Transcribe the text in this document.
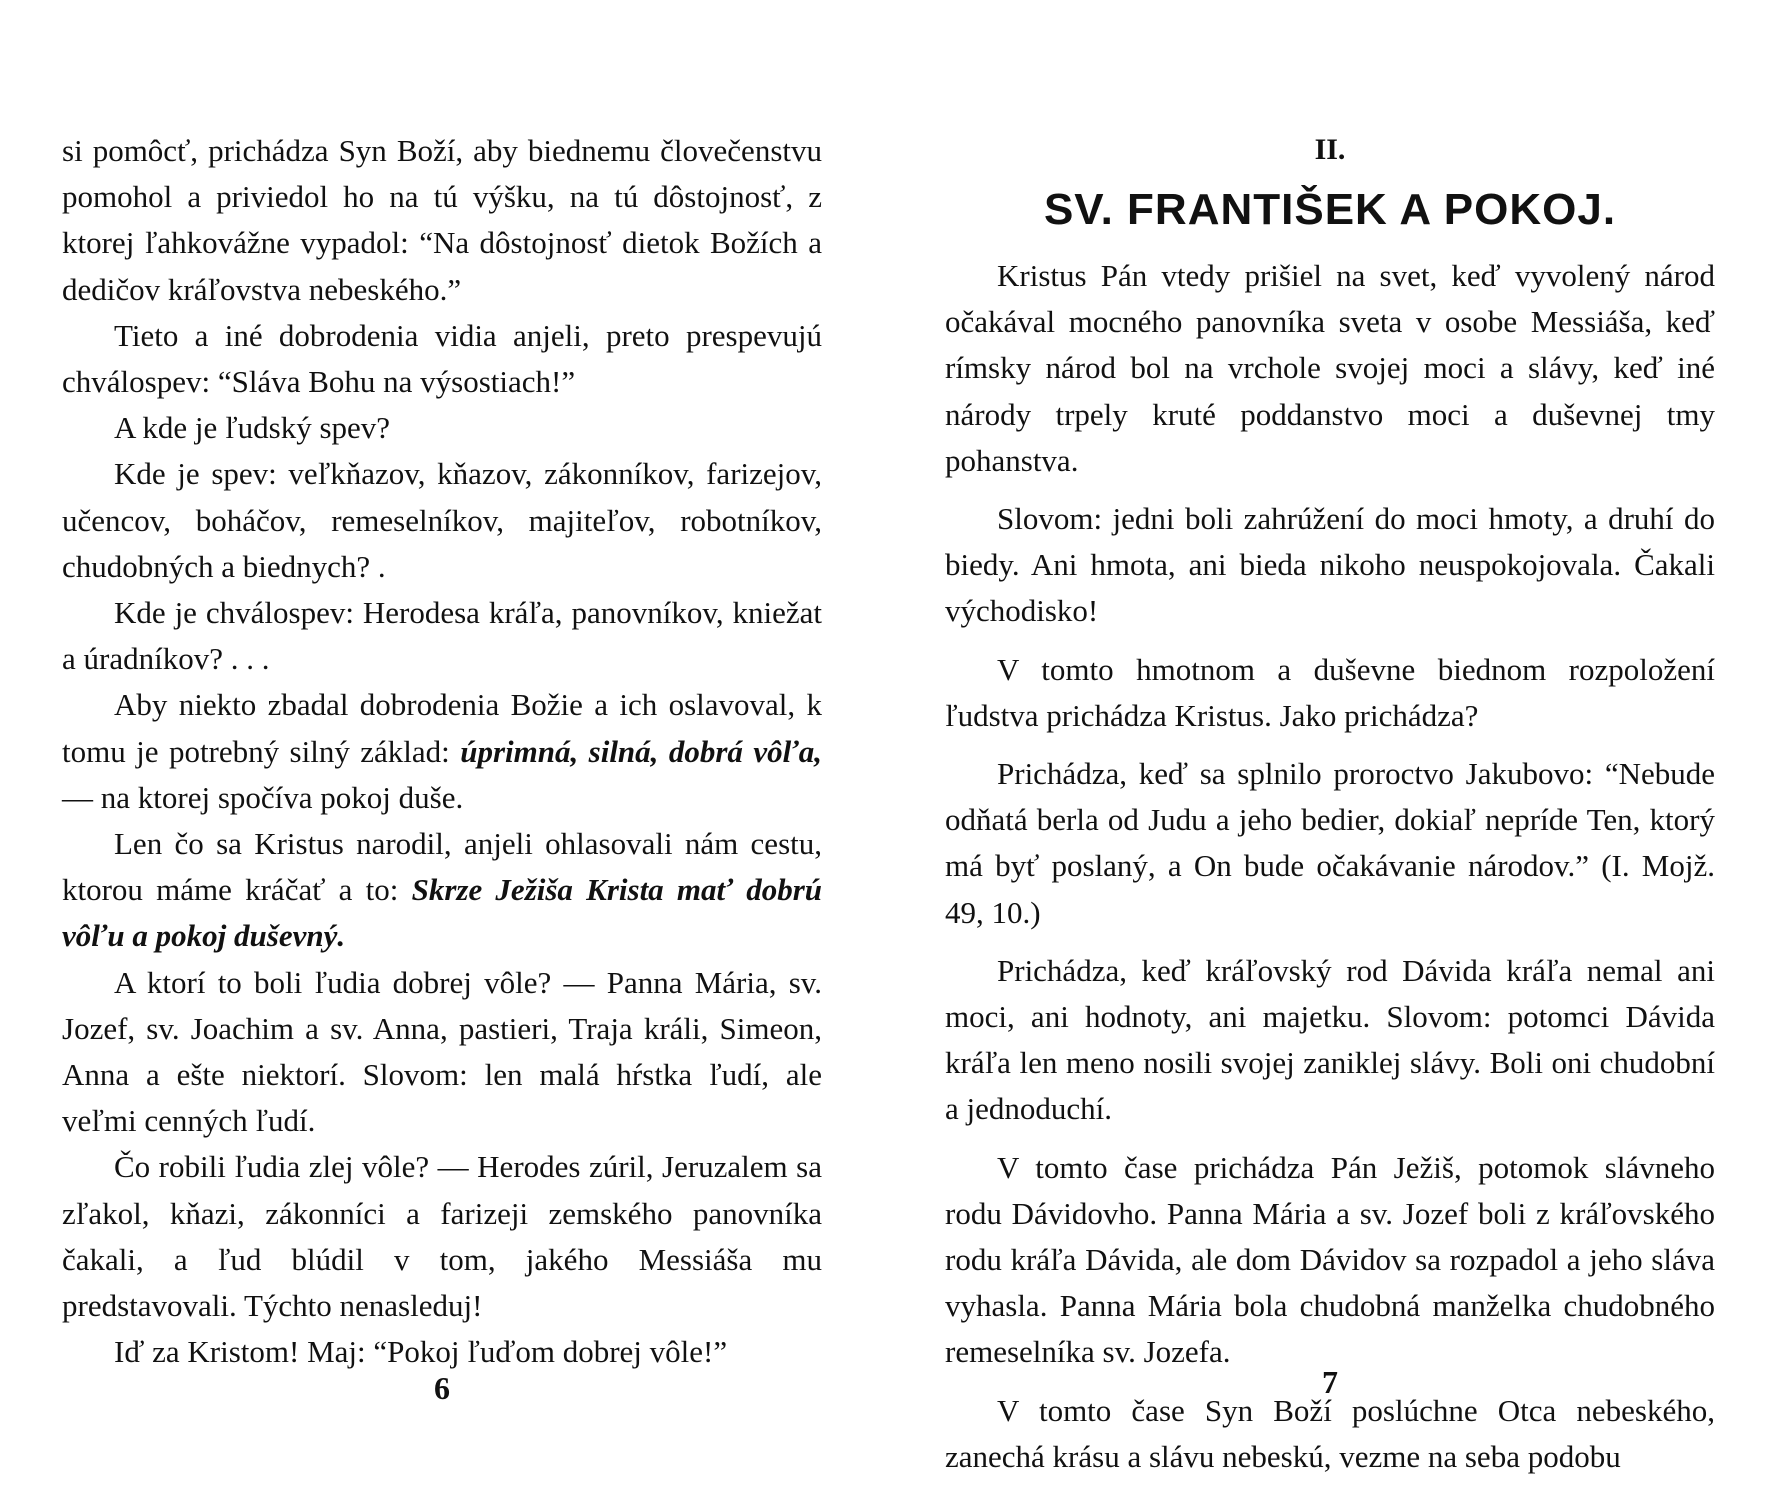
si pomôcť, prichádza Syn Boží, aby biednemu človečenstvu pomohol a priviedol ho na tú výšku, na tú dôstojnosť, z ktorej ľahkovážne vypadol: “Na dôstojnosť dietok Božích a dedičov kráľovstva nebeského.”

Tieto a iné dobrodenia vidia anjeli, preto prespevujú chválospev: “Sláva Bohu na výsostiach!”

A kde je ľudský spev?

Kde je spev: veľkňazov, kňazov, zákonníkov, farizejov, učencov, boháčov, remeselníkov, majiteľov, robotníkov, chudobných a biednych? .

Kde je chválospev: Herodesa kráľa, panovníkov, kniežat a úradníkov? . . .

Aby niekto zbadal dobrodenia Božie a ich oslavoval, k tomu je potrebný silný základ: úprimná, silná, dobrá vôľa, — na ktorej spočíva pokoj duše.

Len čo sa Kristus narodil, anjeli ohlasovali nám cestu, ktorou máme kráčať a to: Skrze Ježiša Krista mať dobrú vôľu a pokoj duševný.

A ktorí to boli ľudia dobrej vôle? — Panna Mária, sv. Jozef, sv. Joachim a sv. Anna, pastieri, Traja králi, Simeon, Anna a ešte niektorí. Slovom: len malá hŕstka ľudí, ale veľmi cenných ľudí.

Čo robili ľudia zlej vôle? — Herodes zúril, Jeruzalem sa zľakol, kňazi, zákonníci a farizeji zemského panovníka čakali, a ľud blúdil v tom, jakého Messiáša mu predstavovali. Týchto nenasleduj!

Iď za Kristom! Maj: “Pokoj ľuďom dobrej vôle!”

6
II.
SV. FRANTIŠEK A POKOJ.

Kristus Pán vtedy prišiel na svet, keď vyvolený národ očakával mocného panovníka sveta v osobe Messiáša, keď rímsky národ bol na vrchole svojej moci a slávy, keď iné národy trpely kruté poddanstvo moci a duševnej tmy pohanstva.

Slovom: jedni boli zahrúžení do moci hmoty, a druhí do biedy. Ani hmota, ani bieda nikoho neuspokojovala. Čakali východisko!

V tomto hmotnom a duševne biednom rozpoložení ľudstva prichádza Kristus. Jako prichádza?

Prichádza, keď sa splnilo proroctvo Jakubovo: “Nebude odňatá berla od Judu a jeho bedier, dokiaľ nepríde Ten, ktorý má byť poslaný, a On bude očakávanie národov.” (I. Mojž. 49, 10.)

Prichádza, keď kráľovský rod Dávida kráľa nemal ani moci, ani hodnoty, ani majetku. Slovom: potomci Dávida kráľa len meno nosili svojej zaniklej slávy. Boli oni chudobní a jednoduchí.

V tomto čase prichádza Pán Ježiš, potomok slávneho rodu Dávidovho. Panna Mária a sv. Jozef boli z kráľovského rodu kráľa Dávida, ale dom Dávidov sa rozpadol a jeho sláva vyhasla. Panna Mária bola chudobná manželka chudobného remeselníka sv. Jozefa.

V tomto čase Syn Boží poslúchne Otca nebeského, zanechá krásu a slávu nebeskú, vezme na seba podobu

7
